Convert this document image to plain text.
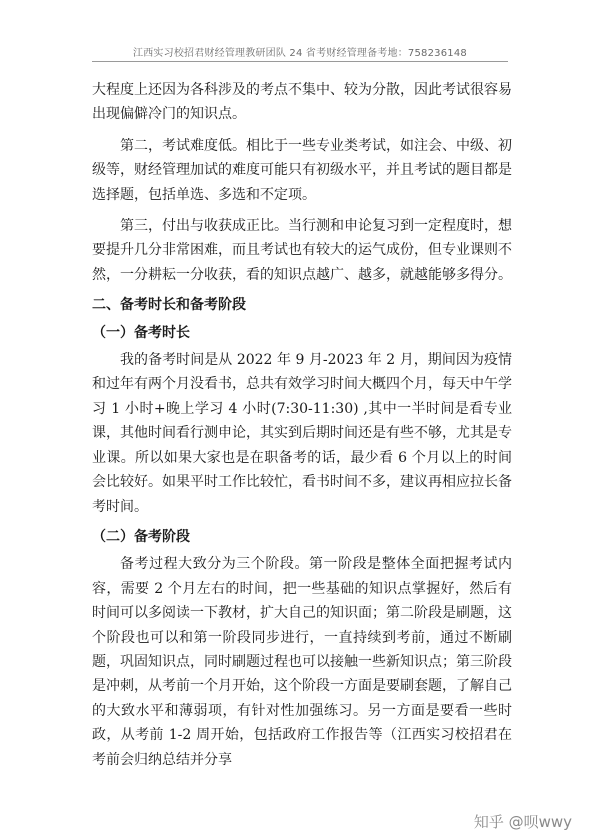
江西实习校招君财经管理教研团队 24 省考财经管理备考地：758236148

大程度上还因为各科涉及的考点不集中、较为分散，因此考试很容易出现偏僻冷门的知识点。

第二，考试难度低。相比于一些专业类考试，如注会、中级、初级等，财经管理加试的难度可能只有初级水平，并且考试的题目都是选择题，包括单选、多选和不定项。

第三，付出与收获成正比。当行测和申论复习到一定程度时，想要提升几分非常困难，而且考试也有较大的运气成份，但专业课则不然，一分耕耘一分收获，看的知识点越广、越多，就越能够多得分。

二、备考时长和备考阶段

（一）备考时长

我的备考时间是从 2022 年 9 月-2023 年 2 月，期间因为疫情和过年有两个月没看书，总共有效学习时间大概四个月，每天中午学习 1 小时+晚上学习 4 小时(7:30-11:30) ,其中一半时间是看专业课，其他时间看行测申论，其实到后期时间还是有些不够，尤其是专业课。所以如果大家也是在职备考的话，最少看 6 个月以上的时间会比较好。如果平时工作比较忙，看书时间不多，建议再相应拉长备考时间。

（二）备考阶段

备考过程大致分为三个阶段。第一阶段是整体全面把握考试内容，需要 2 个月左右的时间，把一些基础的知识点掌握好，然后有时间可以多阅读一下教材，扩大自己的知识面；第二阶段是刷题，这个阶段也可以和第一阶段同步进行，一直持续到考前，通过不断刷题，巩固知识点，同时刷题过程也可以接触一些新知识点；第三阶段是冲刺，从考前一个月开始，这个阶段一方面是要刷套题，了解自己的大致水平和薄弱项，有针对性加强练习。另一方面是要看一些时政，从考前 1-2 周开始，包括政府工作报告等（江西实习校招君在考前会归纳总结并分享

知乎 @呗wwy
